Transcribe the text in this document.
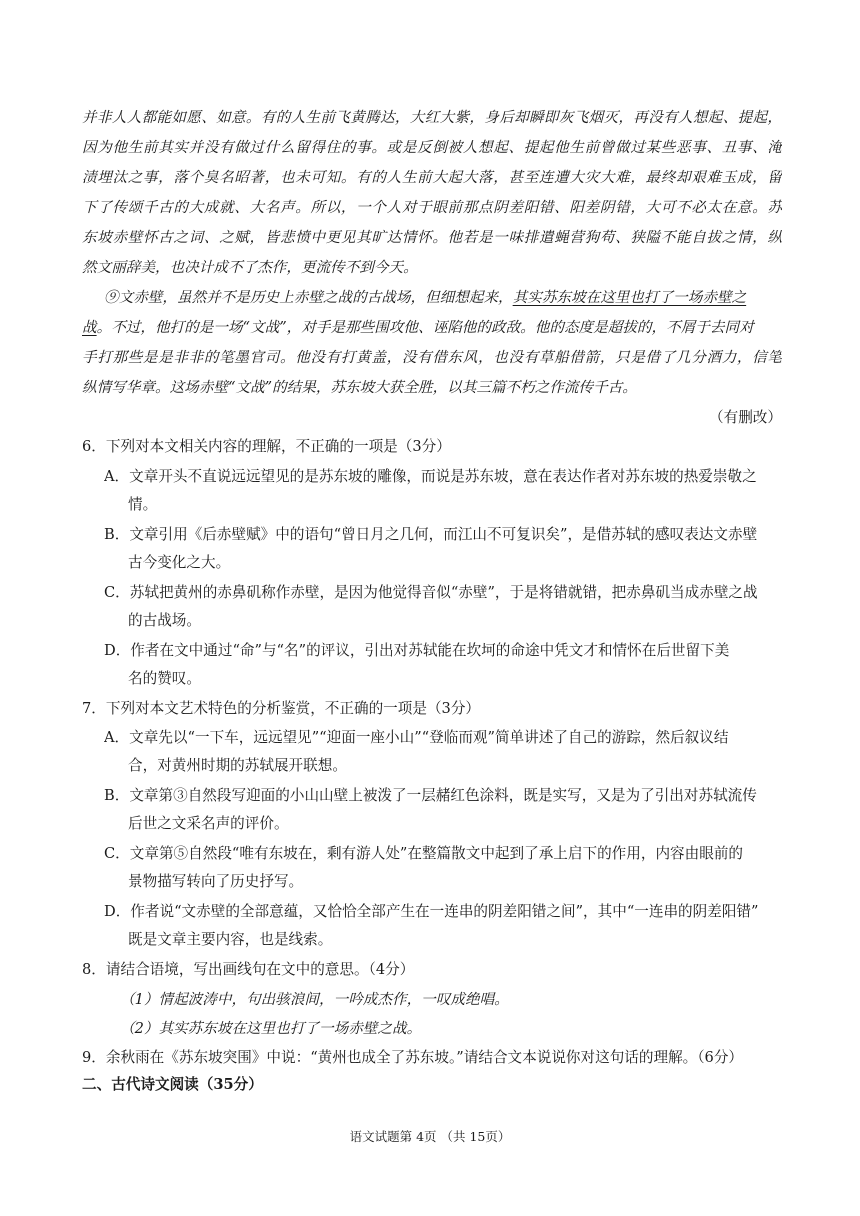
并非人人都能如愿、如意。有的人生前飞黄腾达，大红大紫，身后却瞬即灰飞烟灭，再没有人想起、提起，
因为他生前其实并没有做过什么留得住的事。或是反倒被人想起、提起他生前曾做过某些恶事、丑事、淹
渍埋汰之事，落个臭名昭著，也未可知。有的人生前大起大落，甚至连遭大灾大难，最终却艰难玉成，留
下了传颂千古的大成就、大名声。所以，一个人对于眼前那点阴差阳错、阳差阴错，大可不必太在意。苏
东坡赤壁怀古之词、之赋，皆悲愤中更见其旷达情怀。他若是一味排遣蝇营狗苟、狭隘不能自拔之情，纵
然文丽辞美，也决计成不了杰作，更流传不到今天。
⑨文赤壁，虽然并不是历史上赤壁之战的古战场，但细想起来，其实苏东坡在这里也打了一场赤壁之
战。不过，他打的是一场“文战”，对手是那些围攻他、诬陷他的政敌。他的态度是超拔的，不屑于去同对
手打那些是是非非的笔墨官司。他没有打黄盖，没有借东风，也没有草船借箭，只是借了几分酒力，信笔
纵情写华章。这场赤壁“文战”的结果，苏东坡大获全胜，以其三篇不朽之作流传千古。
（有删改）
6．下列对本文相关内容的理解，不正确的一项是（3分）
A．文章开头不直说远远望见的是苏东坡的雕像，而说是苏东坡，意在表达作者对苏东坡的热爱崇敬之
情。
B．文章引用《后赤壁赋》中的语句“曾日月之几何，而江山不可复识矣”，是借苏轼的感叹表达文赤壁
古今变化之大。
C．苏轼把黄州的赤鼻矶称作赤壁，是因为他觉得音似“赤壁”，于是将错就错，把赤鼻矶当成赤壁之战
的古战场。
D．作者在文中通过“命”与“名”的评议，引出对苏轼能在坎坷的命途中凭文才和情怀在后世留下美
名的赞叹。
7．下列对本文艺术特色的分析鉴赏，不正确的一项是（3分）
A．文章先以“一下车，远远望见”“迎面一座小山”“登临而观”简单讲述了自己的游踪，然后叙议结
合，对黄州时期的苏轼展开联想。
B．文章第③自然段写迎面的小山山壁上被泼了一层赭红色涂料，既是实写，又是为了引出对苏轼流传
后世之文采名声的评价。
C．文章第⑤自然段“唯有东坡在，剩有游人处”在整篇散文中起到了承上启下的作用，内容由眼前的
景物描写转向了历史抒写。
D．作者说“文赤壁的全部意蕴，又恰恰全部产生在一连串的阴差阳错之间”，其中“一连串的阴差阳错”
既是文章主要内容，也是线索。
8．请结合语境，写出画线句在文中的意思。（4分）
（1）情起波涛中，句出骇浪间，一吟成杰作，一叹成绝唱。
（2）其实苏东坡在这里也打了一场赤壁之战。
9．余秋雨在《苏东坡突围》中说：“黄州也成全了苏东坡。”请结合文本说说你对这句话的理解。（6分）
二、古代诗文阅读（35分）
语文试题第 4页 （共 15页）
